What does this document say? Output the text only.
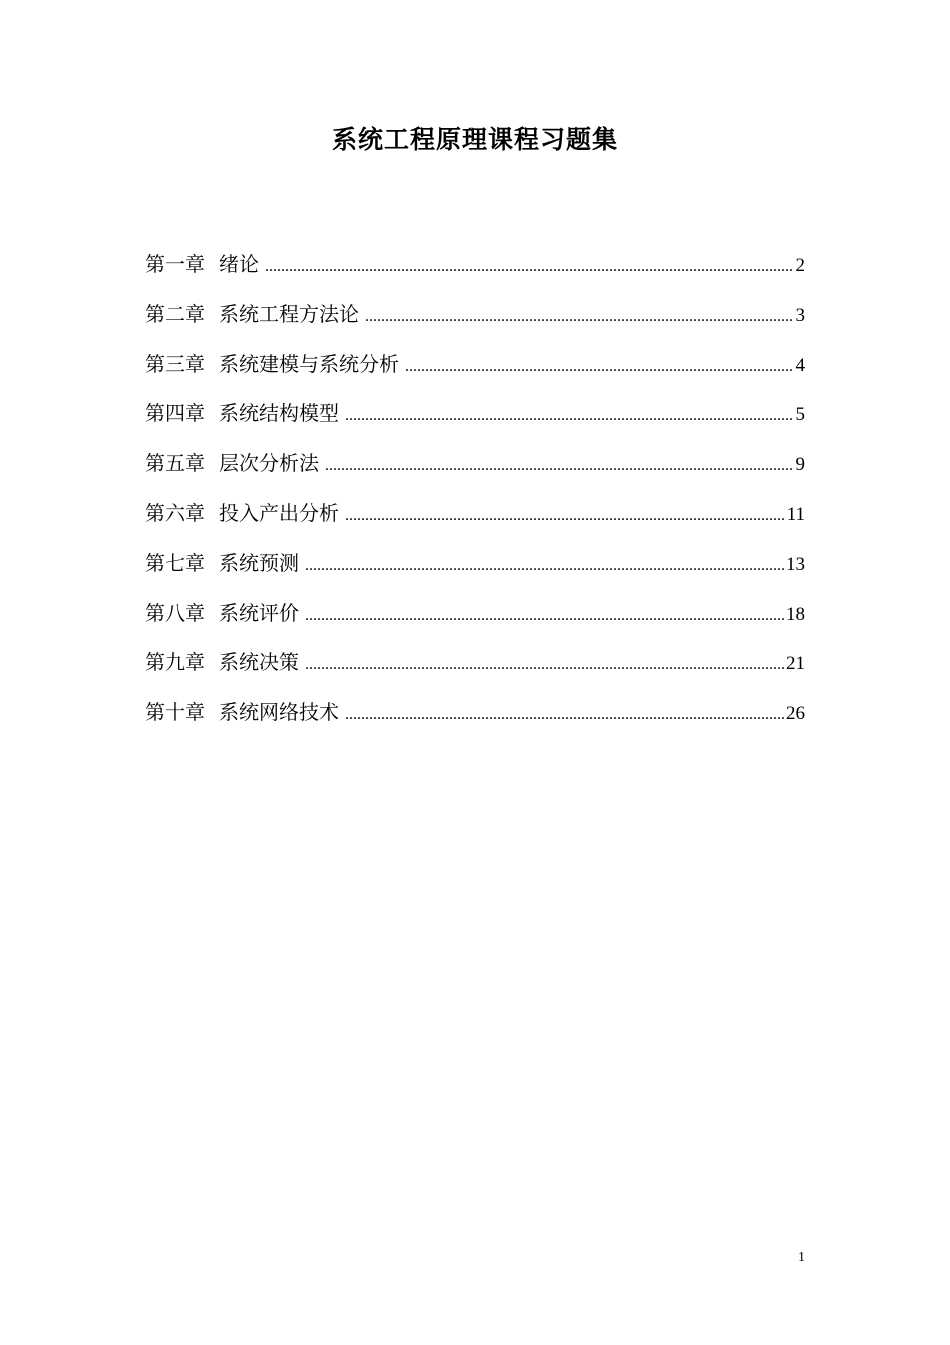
系统工程原理课程习题集
第一章 绪论 .....	2
第二章 系统工程方法论 .....	3
第三章 系统建模与系统分析 .....	4
第四章 系统结构模型 .....	5
第五章 层次分析法 .....	9
第六章 投入产出分析 .....	11
第七章 系统预测 .....	13
第八章 系统评价 .....	18
第九章 系统决策 .....	21
第十章 系统网络技术 .....	26
1
